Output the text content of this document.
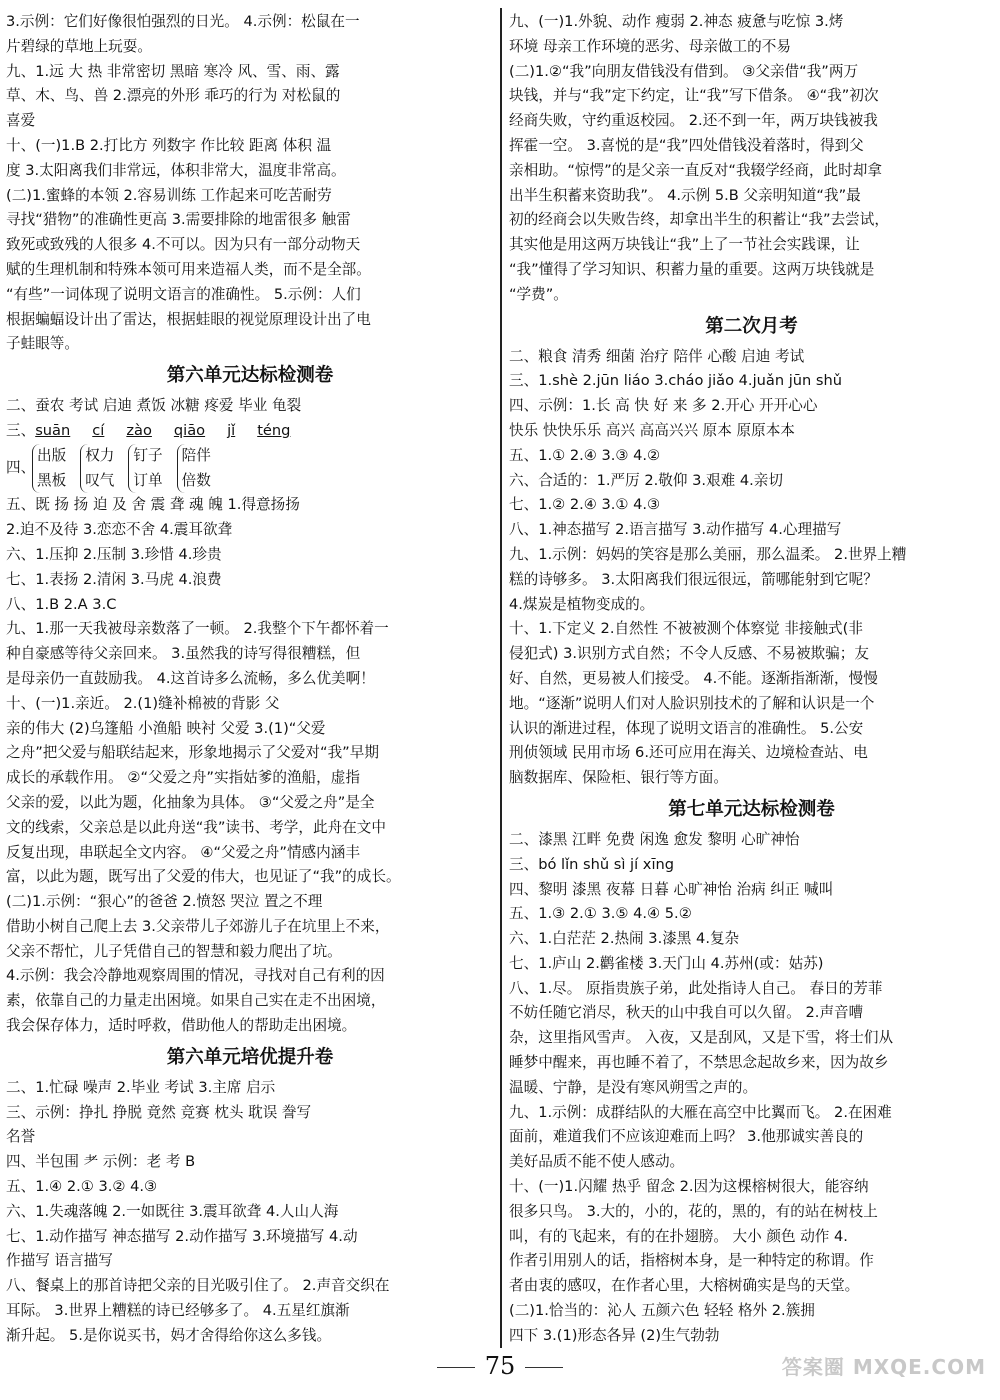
3.示例：它们好像很怕强烈的日光。 4.示例：松鼠在一

片碧绿的草地上玩耍。

九、1.远 大 热 非常密切 黑暗 寒冷 风、雪、雨、露

草、木、鸟、兽 2.漂亮的外形 乖巧的行为 对松鼠的

喜爱

十、(一)1.B 2.打比方 列数字 作比较 距离 体积 温

度 3.太阳离我们非常远，体积非常大，温度非常高。

(二)1.蜜蜂的本领 2.容易训练 工作起来可吃苦耐劳

寻找“猎物”的准确性更高 3.需要排除的地雷很多 触雷

致死或致残的人很多 4.不可以。因为只有一部分动物天

赋的生理机制和特殊本领可用来造福人类，而不是全部。

“有些”一词体现了说明文语言的准确性。 5.示例：人们

根据蝙蝠设计出了雷达，根据蛙眼的视觉原理设计出了电

子蛙眼等。

第六单元达标检测卷

二、蚕农 考试 启迪 煮饭 冰糖 疼爱 毕业 龟裂

三、suān cí zào qiāo jǐ téng

四、
出版
黑板
权力
叹气
钉子
订单
陪伴
倍数

五、既 扬 扬 迫 及 舍 震 聋 魂 魄 1.得意扬扬

2.迫不及待 3.恋恋不舍 4.震耳欲聋

六、1.压抑 2.压制 3.珍惜 4.珍贵

七、1.表扬 2.清闲 3.马虎 4.浪费

八、1.B 2.A 3.C

九、1.那一天我被母亲数落了一顿。 2.我整个下午都怀着一

种自豪感等待父亲回来。 3.虽然我的诗写得很糟糕，但

是母亲仍一直鼓励我。 4.这首诗多么流畅，多么优美啊！

十、(一)1.亲近。 2.(1)缝补棉被的背影 父

亲的伟大 (2)乌篷船 小渔船 映衬 父爱 3.(1)“父爱

之舟”把父爱与船联结起来，形象地揭示了父爱对“我”早期

成长的承载作用。 ②“父爱之舟”实指姑爹的渔船，虚指

父亲的爱，以此为题，化抽象为具体。 ③“父爱之舟”是全

文的线索，父亲总是以此舟送“我”读书、考学，此舟在文中

反复出现，串联起全文内容。 ④“父爱之舟”情感内涵丰

富，以此为题，既写出了父爱的伟大，也见证了“我”的成长。

(二)1.示例：“狠心”的爸爸 2.愤怒 哭泣 置之不理

借助小树自己爬上去 3.父亲带儿子郊游儿子在坑里上不来，

父亲不帮忙，儿子凭借自己的智慧和毅力爬出了坑。

4.示例：我会冷静地观察周围的情况，寻找对自己有利的因

素，依靠自己的力量走出困境。如果自己实在走不出困境，

我会保存体力，适时呼救，借助他人的帮助走出困境。

第六单元培优提升卷

二、1.忙碌 噪声 2.毕业 考试 3.主席 启示

三、示例：挣扎 挣脱 竟然 竞赛 枕头 耽误 誊写

名誉

四、半包围 耂 示例：老 考 B

五、1.④ 2.① 3.② 4.③

六、1.失魂落魄 2.一如既往 3.震耳欲聋 4.人山人海

七、1.动作描写 神态描写 2.动作描写 3.环境描写 4.动

作描写 语言描写

八、餐桌上的那首诗把父亲的目光吸引住了。 2.声音交织在

耳际。 3.世界上糟糕的诗已经够多了。 4.五星红旗渐

渐升起。 5.是你说买书，妈才舍得给你这么多钱。

九、(一)1.外貌、动作 瘦弱 2.神态 疲惫与吃惊 3.烤

环境 母亲工作环境的恶劣、母亲做工的不易

(二)1.②“我”向朋友借钱没有借到。 ③父亲借“我”两万

块钱，并与“我”定下约定，让“我”写下借条。 ④“我”初次

经商失败，守约重返校园。 2.还不到一年，两万块钱被我

挥霍一空。 3.喜悦的是“我”四处借钱没着落时，得到父

亲相助。“惊愕”的是父亲一直反对“我辍学经商，此时却拿

出半生积蓄来资助我”。 4.示例 5.B 父亲明知道“我”最

初的经商会以失败告终，却拿出半生的积蓄让“我”去尝试，

其实他是用这两万块钱让“我”上了一节社会实践课，让

“我”懂得了学习知识、积蓄力量的重要。这两万块钱就是

“学费”。

第二次月考

二、粮食 清秀 细菌 治疗 陪伴 心酸 启迪 考试

三、1.shè 2.jūn liáo 3.cháo jiǎo 4.juǎn jūn shǔ

四、示例：1.长 高 快 好 来 多 2.开心 开开心心

快乐 快快乐乐 高兴 高高兴兴 原本 原原本本

五、1.① 2.④ 3.③ 4.②

六、合适的：1.严厉 2.敬仰 3.艰难 4.亲切

七、1.② 2.④ 3.① 4.③

八、1.神态描写 2.语言描写 3.动作描写 4.心理描写

九、1.示例：妈妈的笑容是那么美丽，那么温柔。 2.世界上糟

糕的诗够多。 3.太阳离我们很远很远，箭哪能射到它呢？

4.煤炭是植物变成的。

十、1.下定义 2.自然性 不被被测个体察觉 非接触式(非

侵犯式) 3.识别方式自然；不令人反感、不易被欺骗；友

好、自然，更易被人们接受。 4.不能。逐渐指渐渐，慢慢

地。“逐渐”说明人们对人脸识别技术的了解和认识是一个

认识的渐进过程，体现了说明文语言的准确性。 5.公安

刑侦领域 民用市场 6.还可应用在海关、边境检查站、电

脑数据库、保险柜、银行等方面。

第七单元达标检测卷

二、漆黑 江畔 免费 闲逸 愈发 黎明 心旷神怡

三、bó lǐn shǔ sì jí xīng

四、黎明 漆黑 夜幕 日暮 心旷神怡 治病 纠正 喊叫

五、1.③ 2.① 3.⑤ 4.④ 5.②

六、1.白茫茫 2.热闹 3.漆黑 4.复杂

七、1.庐山 2.鹳雀楼 3.天门山 4.苏州(或：姑苏)

八、1.尽。 原指贵族子弟，此处指诗人自己。 春日的芳菲

不妨任随它消尽，秋天的山中我自可以久留。 2.声音嘈

杂，这里指风雪声。 入夜，又是刮风，又是下雪，将士们从

睡梦中醒来，再也睡不着了，不禁思念起故乡来，因为故乡

温暖、宁静，是没有寒风朔雪之声的。

九、1.示例：成群结队的大雁在高空中比翼而飞。 2.在困难

面前，难道我们不应该迎难而上吗？ 3.他那诚实善良的

美好品质不能不使人感动。

十、(一)1.闪耀 热乎 留念 2.因为这棵榕树很大，能容纳

很多只鸟。 3.大的，小的，花的，黑的，有的站在树枝上

叫，有的飞起来，有的在扑翅膀。 大小 颜色 动作 4.

作者引用别人的话，指榕树本身，是一种特定的称谓。作

者由衷的感叹，在作者心里，大榕树确实是鸟的天堂。

(二)1.恰当的：沁人 五颜六色 轻轻 格外 2.簇拥

四下 3.(1)形态各异 (2)生气勃勃

75	答案圈 MXQE.COM
